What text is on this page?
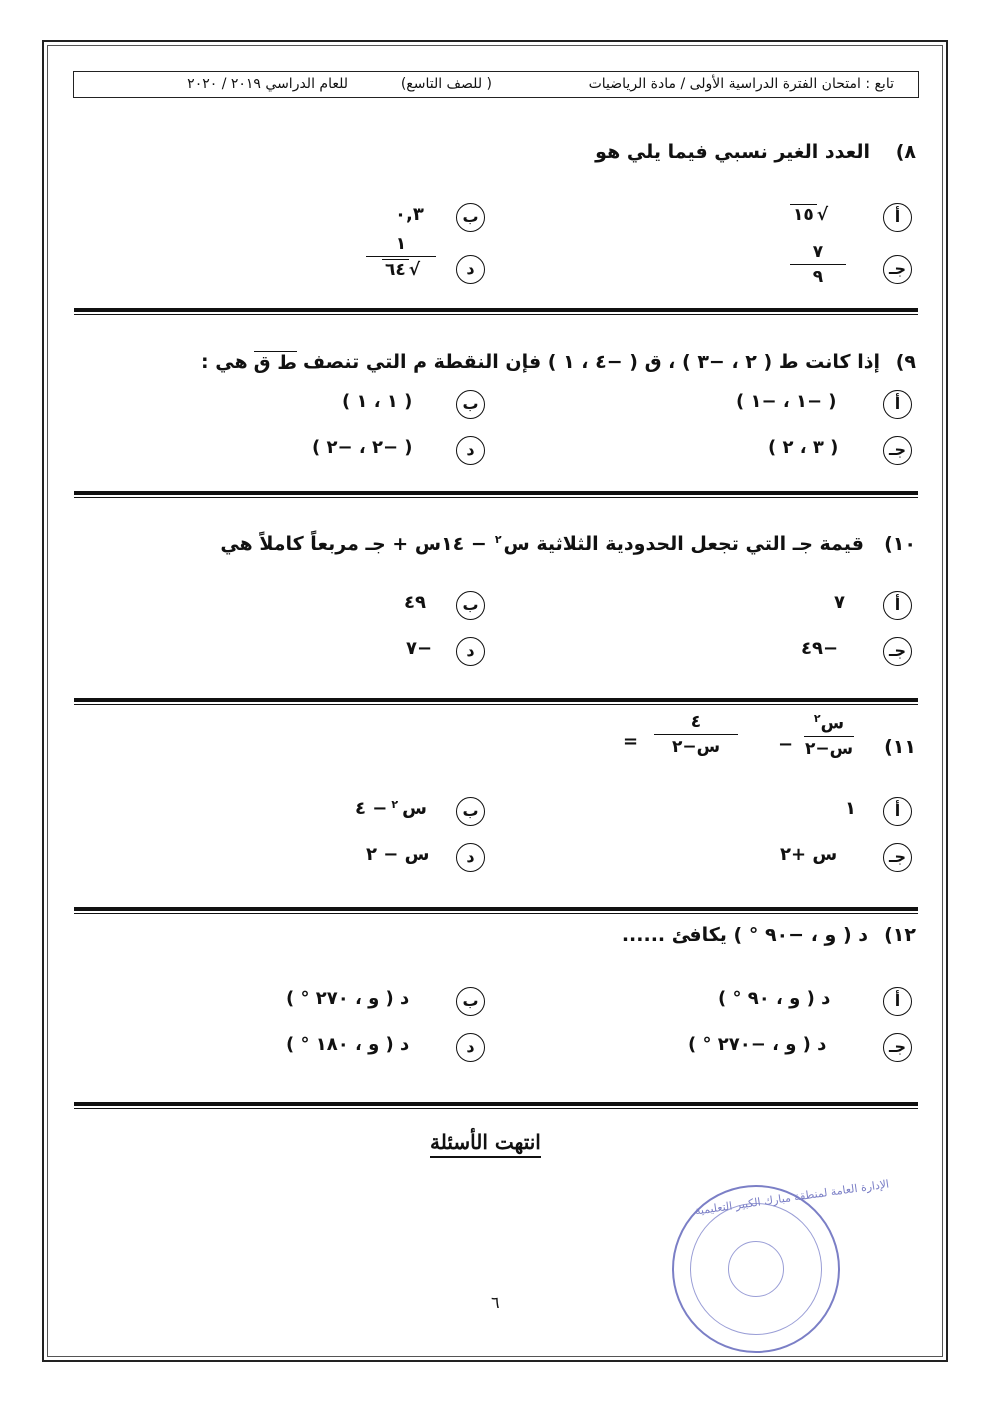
تابع : امتحان الفترة الدراسية الأولى / مادة الرياضيات
( للصف التاسع)
للعام الدراسي ٢٠١٩ / ٢٠٢٠
٨)
العدد الغير نسبي فيما يلي هو
أ
١٥ √
ب
٠,٣
جـ
٧
٩
د
١
٦٤ √
٩)
إذا كانت ط ( ٢ ، −٣ ) ، ق ( −٤ ، ١ ) فإن النقطة م التي تنصف
ط ق
هي :
أ
( −١ ، −١ )
ب
( ١ ، ١ )
جـ
( ٣ ، ٢ )
د
( −٢ ، −٢ )
١٠)
قيمة جـ التي تجعل الحدودية الثلاثية س
٢
− ١٤س + جـ مربعاً كاملاً هي
أ
٧
ب
٤٩
جـ
−٤٩
د
−٧
١١)
س$^٢$
س−٢
−
٤
س−٢
=
أ
١
ب
س
٢
− ٤
جـ
س +٢
د
س − ٢
١٢)
د ( و ، −٩٠ ° ) يكافئ ......
أ
د ( و ، ٩٠ ° )
ب
د ( و ، ٢٧٠ ° )
جـ
د ( و ، −٢٧٠ ° )
د
د ( و ، ١٨٠ ° )
انتهت الأسئلة
الإدارة العامة لمنطقة مبارك الكبير التعليمية
٦
